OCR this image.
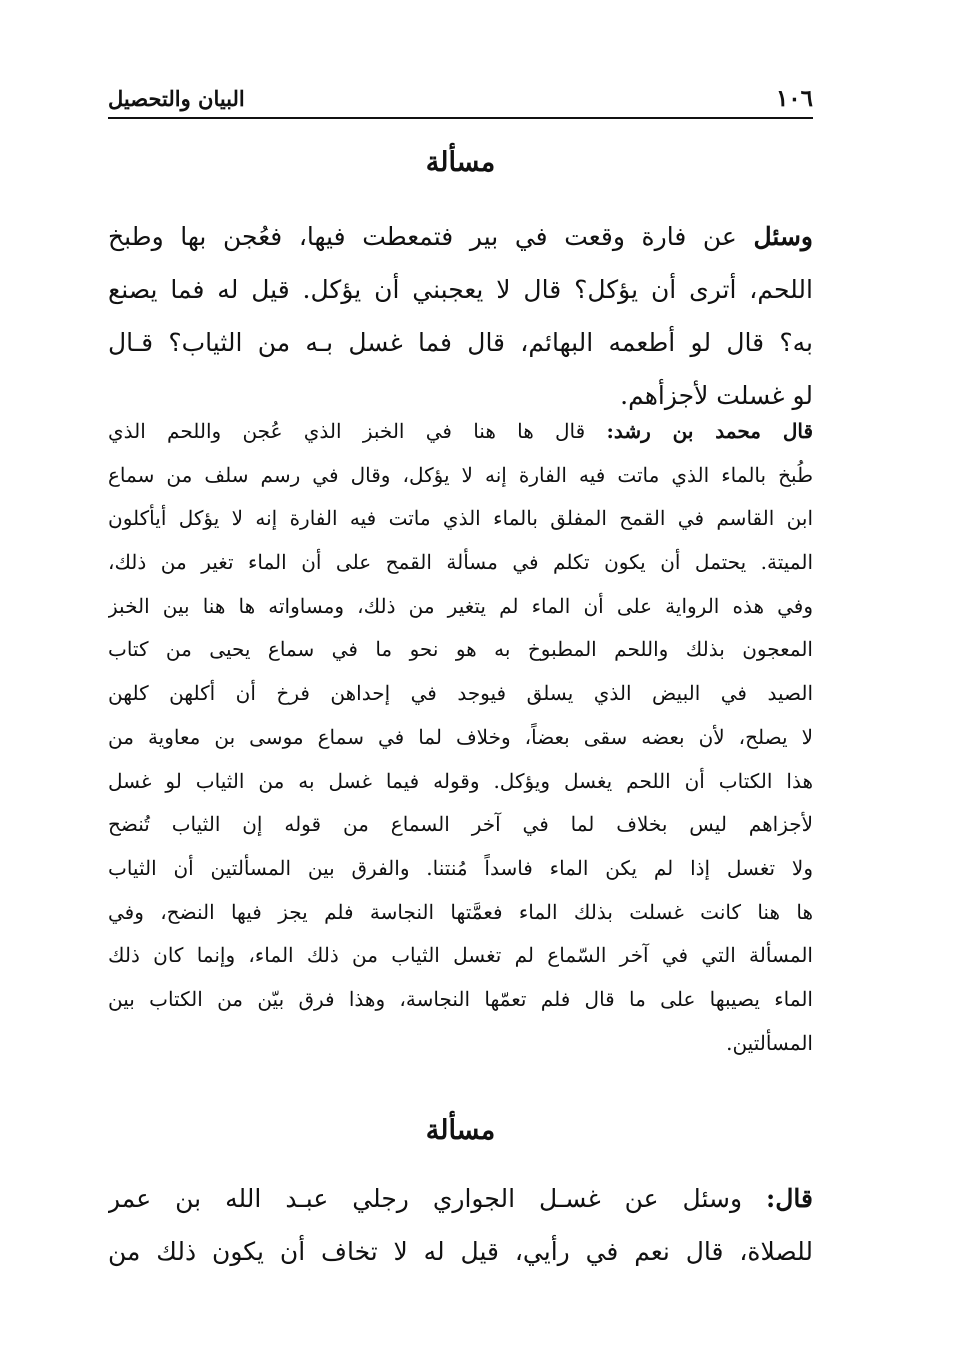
١٠٦
البيان والتحصيل
مسألة
وسئل عن فارة وقعت في بير فتمعطت فيها، فعُجن بها وطبخ
اللحم، أترى أن يؤكل؟ قال لا يعجبني أن يؤكل. قيل له فما يصنع
به؟ قال لو أطعمه البهائم، قال فما غسل بـه من الثياب؟ قـال
لو غسلت لأجزأهم.
قال محمد بن رشد: قال ها هنا في الخبز الذي عُجن واللحم الذي
طُبخ بالماء الذي ماتت فيه الفارة إنه لا يؤكل، وقال في رسم سلف من سماع
ابن القاسم في القمح المفلق بالماء الذي ماتت فيه الفارة إنه لا يؤكل أيأكلون
الميتة. يحتمل أن يكون تكلم في مسألة القمح على أن الماء تغير من ذلك،
وفي هذه الرواية على أن الماء لم يتغير من ذلك، ومساواته ها هنا بين الخبز
المعجون بذلك واللحم المطبوخ به هو نحو ما في سماع يحيى من كتاب
الصيد في البيض الذي يسلق فيوجد في إحداهن فرخ أن أكلهن كلهن
لا يصلح، لأن بعضه سقى بعضاً، وخلاف لما في سماع موسى بن معاوية من
هذا الكتاب أن اللحم يغسل ويؤكل. وقوله فيما غسل به من الثياب لو غسل
لأجزاهم ليس بخلاف لما في آخر السماع من قوله إن الثياب تُنضح
ولا تغسل إذا لم يكن الماء فاسداً مُنتنا. والفرق بين المسألتين أن الثياب
ها هنا كانت غسلت بذلك الماء فعمَّتها النجاسة فلم يجز فيها النضح، وفي
المسألة التي في آخر السّماع لم تغسل الثياب من ذلك الماء، وإنما كان ذلك
الماء يصيبها على ما قال فلم تعمّها النجاسة، وهذا فرق بيّن من الكتاب بين
المسألتين.
مسألة
قال: وسئل عن غسـل الجواري رجلي عبـد الله بن عمر
للصلاة، قال نعم في رأيي، قيل له لا تخاف أن يكون ذلك من
